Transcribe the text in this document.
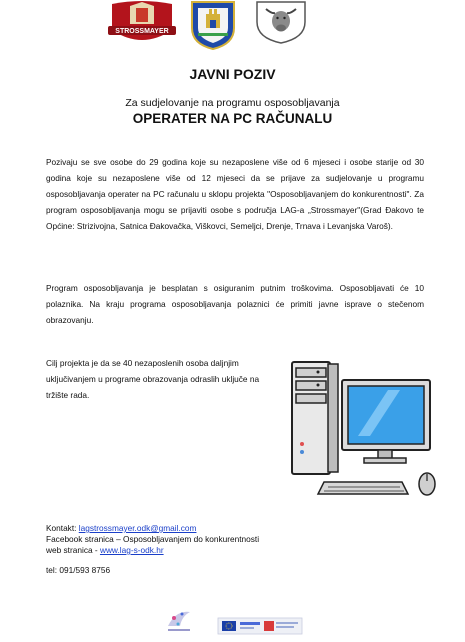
STROSSMAYER
JAVNI POZIV
Za sudjelovanje na programu osposobljavanja
OPERATER NA PC RAČUNALU
Pozivaju se sve osobe do 29 godina koje su nezaposlene više od 6 mjeseci i osobe starije od 30 godina koje su nezaposlene više od 12 mjeseci da se prijave za sudjelovanje u programu osposobljavanja operater na PC računalu u sklopu projekta "Osposobljavanjem do konkurentnosti". Za program osposobljavanja mogu se prijaviti osobe s područja LAG-a „Strossmayer"(Grad Đakovo te Općine: Strizivojna, Satnica Đakovačka, Viškovci, Semeljci, Drenje, Trnava i Levanjska Varoš).
Program osposobljavanja je besplatan s osiguranim putnim troškovima. Osposobljavati će 10 polaznika. Na kraju programa osposobljavanja polaznici će primiti javne isprave o stečenom obrazovanju.
Cilj projekta je da se 40 nezaposlenih osoba daljnjim uključivanjem u programe obrazovanja odraslih uključe na tržište rada.
Kontakt: lagstrossmayer.odk@gmail.com
Facebook stranica – Osposobljavanjem do konkurentnosti
web stranica - www.lag-s-odk.hr
tel: 091/593 8756
